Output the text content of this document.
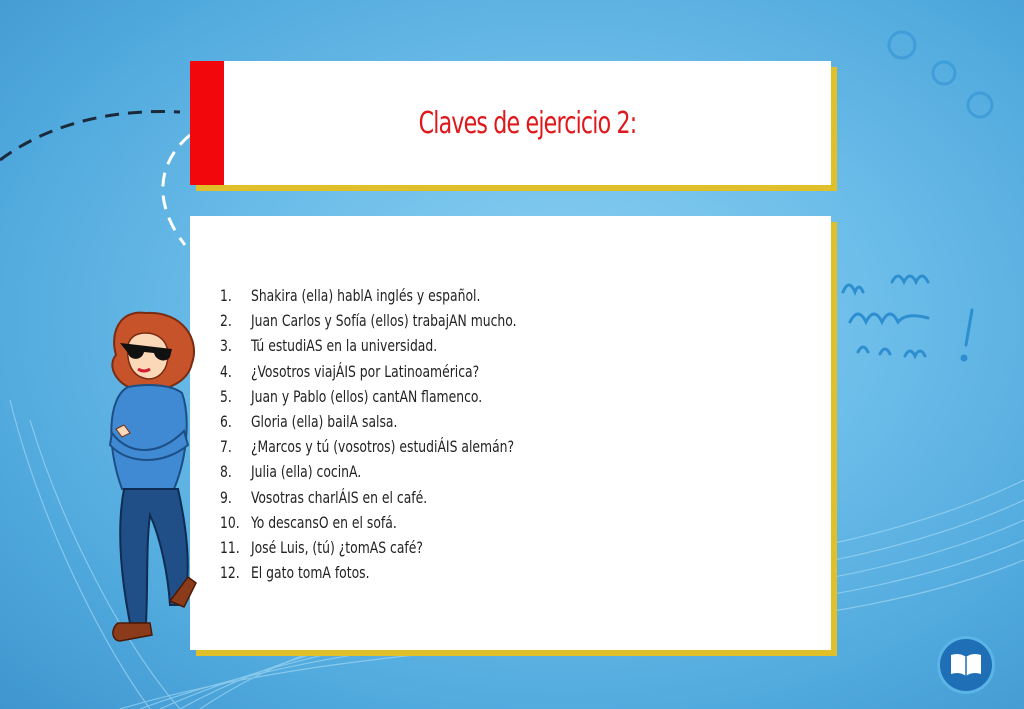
Claves de ejercicio 2:
1.	Shakira (ella) hablA inglés y español.
2.	Juan Carlos y Sofía (ellos) trabajAN mucho.
3.	Tú estudiAS en la universidad.
4.	¿Vosotros viajÁIS por Latinoamérica?
5.	Juan y Pablo (ellos) cantAN flamenco.
6.	Gloria (ella) bailA salsa.
7.	¿Marcos y tú (vosotros) estudiÁIS alemán?
8.	Julia (ella) cocinA.
9.	Vosotras charlÁIS en el café.
10. Yo descansO en el sofá.
11. José Luis, (tú) ¿tomAS café?
12. El gato tomA fotos.
